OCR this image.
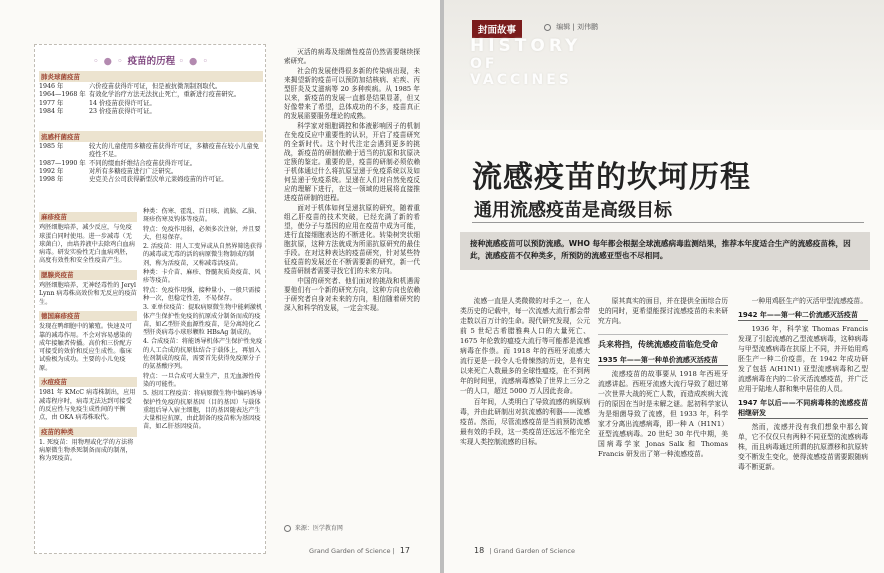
◦ ● ◦ 疫苗的历程 ◦ ● ◦
肺炎球菌疫苗
1946 年	六价疫苗获得许可证，但是被抗微剂制剂取代。
1964—1968 年 有效化学治疗方法无法抗止死亡，重新进行疫苗研究。
1977 年	14 价疫苗获得许可证。
1984 年	23 价疫苗获得许可证。
流感杆菌疫苗
1985 年	较大的儿童使用多糖疫苗获得许可证，多糖疫苗在较小儿童免疫性不足。
1987—1990 年 不同的缀血纤维结合疫苗获得许可证。
1992 年	对所有多糖疫苗进行广泛研究。
1998 年	史克美占公司获得新型次单元莱姆疫苗的许可证。
麻疹疫苗

鸡胚细胞培养，减少反应，与免疫球蛋白同时使用。进一步减毒（无球菌白），由培养液中去除鸡白血病病毒。研发实验性无白血病鸡胚，高度有效性和安全性疫苗产生。

腮腺炎疫苗

鸡胚细胞培养，无神经毒性的 Jeryl Lynn 病毒株高效价和无反应的疫苗生。

德国麻疹疫苗

发现在鸭细胞中的繁殖。快速及可靠的减毒作用。不会对容易感染的成年接触者传播。高价和三价配方可接受的效价和反应生成性。临床试验极为成功。主要的小儿免疫原。

水痘疫苗

1981 年 KMcC 病毒株制出，应用减毒程序时，病毒无法达到可接受的反应性与免疫生成性间的平衡点，由 OKA 病毒株取代。

疫苗的种类

1. 死疫苗：用物理或化学的方法将病原微生物杀死制备而成的制剂，称为死疫苗。

种类：伤寒、霍乱、百日咳、流脑、乙脑、斑疹伤寒及钩体等疫苗。

特点：免疫作用弱，必须多次注射，并且要大，但易保存。

2. 活疫苗：用人工变异或从自然界筛选获得的减毒或无毒的活的病原微生物制成的制剂，称为活疫苗，又称减毒活疫苗。

种类：卡介苗、麻疹、脊髓灰质炎疫苗、风疹等疫苗。

特点：免疫作用强，接种量小，一般只需接种一次，但稳定性差，不易保存。

3. 亚单位疫苗：提取病原微生物中能刺激机体产生保护性免疫的抗原成分制备而成的疫苗，如乙型肝炎血源性疫苗，是分离纯化乙型肝炎病毒小球形颗粒 HBsAg 制成的。

4. 合成疫苗：将能诱导机体产生保护性免疫的人工合成的抗原肽结合于载体上，再加入佐剂制成的疫苗，需要首先获得免疫原分子的氨基酸序列。

特点：一旦合成可大量生产，且无血源性传染的可能性。

5. 基因工程疫苗：将病原微生物中编码诱导保护性免疫的抗原基因（目的基因）与载体重组后导入宿主细胞，目的基因随表达产生大量相应抗原，由此制备的疫苗称为基因疫苗，如乙肝基因疫苗。

灭活的病毒及细菌性疫苗仍然需要继续探索研究。

社会的发展使得很多新的传染病出现，未来揭望新的疫苗可以预防加结核病、疟疾、丙型肝炎及艾滋病等 20 多种疾病。从 1985 年以来，新疫苗的发展一直都是结果显著，但又好像带来了希望，总体成功的不多，疫苗真正的发展需要服务理论的成熟。

科学家对细胞调控和体液影响因子的机制在免疫反应中重要性的认识，开启了疫苗研究的全新时代。这个时代注定会遇到更多的挑战，新疫苗的研制依赖于适当的抗原和抗原决定簇的鉴定。重要的是，疫苗的研制必须依赖于机体通过什么将抗原呈递于免疫系统以及如何呈递于免疫系统。呈递在人们对自然免疫反应的理解下进行，在这一领域的进展将直接推进疫苗研制的进程。

面对于机体如何呈递抗原的研究，随着重组乙肝疫苗的技术突破，已经充满了新的希望，使分子与基因的应用在疫苗中成为可能，进行直接细胞表达的不断进化。转染树突状细胞抗原，这种方法就成为所需抗原研究的最佳手段。在对这种表达的疫苗研究，针对某些特征疫苗的发展还在不断需要新的研究，新一代疫苗研制者需要寻找它们的未来方向。

中国的研究者、他们面对的挑战和机遇需要他们有一个新的研究方向，这种方向也依赖于研究者自身对未来的方向，相信随着研究的深入和科学的发展，一定会实现。

来源：医学教育网
Grand Garden of Science | 17
封面故事	编辑 | 刘伟鹏
HISTORY
OF
VACCINES
流感疫苗的坎坷历程
通用流感疫苗是高级目标
接种流感疫苗可以预防流感。WHO 每年都会根据全球流感病毒监测结果，推荐本年度适合生产的流感疫苗株，因此，流感疫苗不仅种类多，所预防的流感亚型也不尽相同。

流感一直是人类微微的对手之一，在人类历史的记载中，每一次流感大流行都会带走数以百万计的生命。现代研究发现，公元前 5 世纪古希腊雅典人口的大量死亡、1675 年伦敦的瘟疫大流行等可能都是流感病毒在作祟。而 1918 年的西班牙流感大流行更是一段令人毛骨悚然的历史，是有史以来死亡人数最多的全球性瘟疫，在不到两年的时间里，流感病毒感染了世界上三分之一的人口，超过 5000 万人因此丧命。

百年间，人类明白了导致流感的病原病毒，并由此研制出对抗流感的利器——流感疫苗。然而，尽管流感疫苗是当前预防流感最有效的手段，这一类疫苗还远远不能完全实现人类控制流感的目标。

原其真实的面目，并在提供全面综合历史的同时，更希望能探讨流感疫苗的未来研究方向。

兵来将挡，传统流感疫苗临危受命
1935 年——第一种单价流感灭活疫苗

流感疫苗的故事要从 1918 年西班牙流感讲起。西班牙流感大流行导致了超过第一次世界大战的死亡人数，而造成疾病大流行的原因在当时是未解之谜。起初科学家认为是细菌导致了流感，但 1933 年，科学家才分离出流感病毒，即一种 A（H1N1）亚型流感病毒。20 世纪 30 年代中期，美国病毒学家 Jonas Salk 和 Thomas Francis 研发出了第一种流感疫苗。

一种用鸡胚生产的灭活甲型流感疫苗。

1942 年——第一种二价流感灭活疫苗

1936 年，科学家 Thomas Francis 发现了引起流感的乙型流感病毒，这种病毒与甲型流感病毒在抗原上不同，并开始用鸡胚生产一种二价疫苗，在 1942 年成功研发了包括 A(H1N1) 亚型流感病毒和乙型流感病毒在内的二价灭活流感疫苗，并广泛应用于陆地人群和集中居住的人员。

1947 年以后——不同病毒株的流感疫苗相继研发

然而，流感并没有我们想象中那么简单，它不仅仅只有两种不同亚型的流感病毒株，而且病毒通过所谓的抗原漂移和抗原转变不断发生变化，使得流感疫苗需要跟随病毒不断更新。

18 | Grand Garden of Science
